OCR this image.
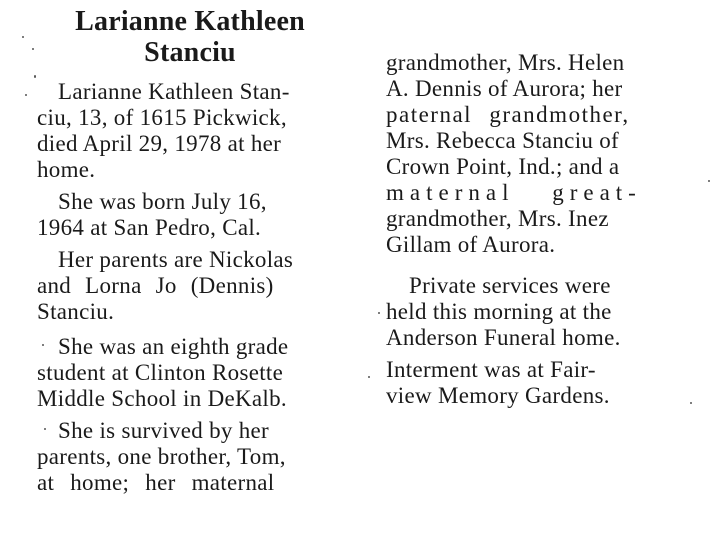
Larianne Kathleen
Stanciu
Larianne Kathleen Stan-
ciu, 13, of 1615 Pickwick,
died April 29, 1978 at her
home.
She was born July 16,
1964 at San Pedro, Cal.
Her parents are Nickolas
and Lorna Jo (Dennis)
Stanciu.
She was an eighth grade
student at Clinton Rosette
Middle School in DeKalb.
She is survived by her
parents, one brother, Tom,
at home; her maternal
grandmother, Mrs. Helen
A. Dennis of Aurora; her
paternal grandmother,
Mrs. Rebecca Stanciu of
Crown Point, Ind.; and a
maternal great-
grandmother, Mrs. Inez
Gillam of Aurora.
Private services were
held this morning at the
Anderson Funeral home.
Interment was at Fair-
view Memory Gardens.
